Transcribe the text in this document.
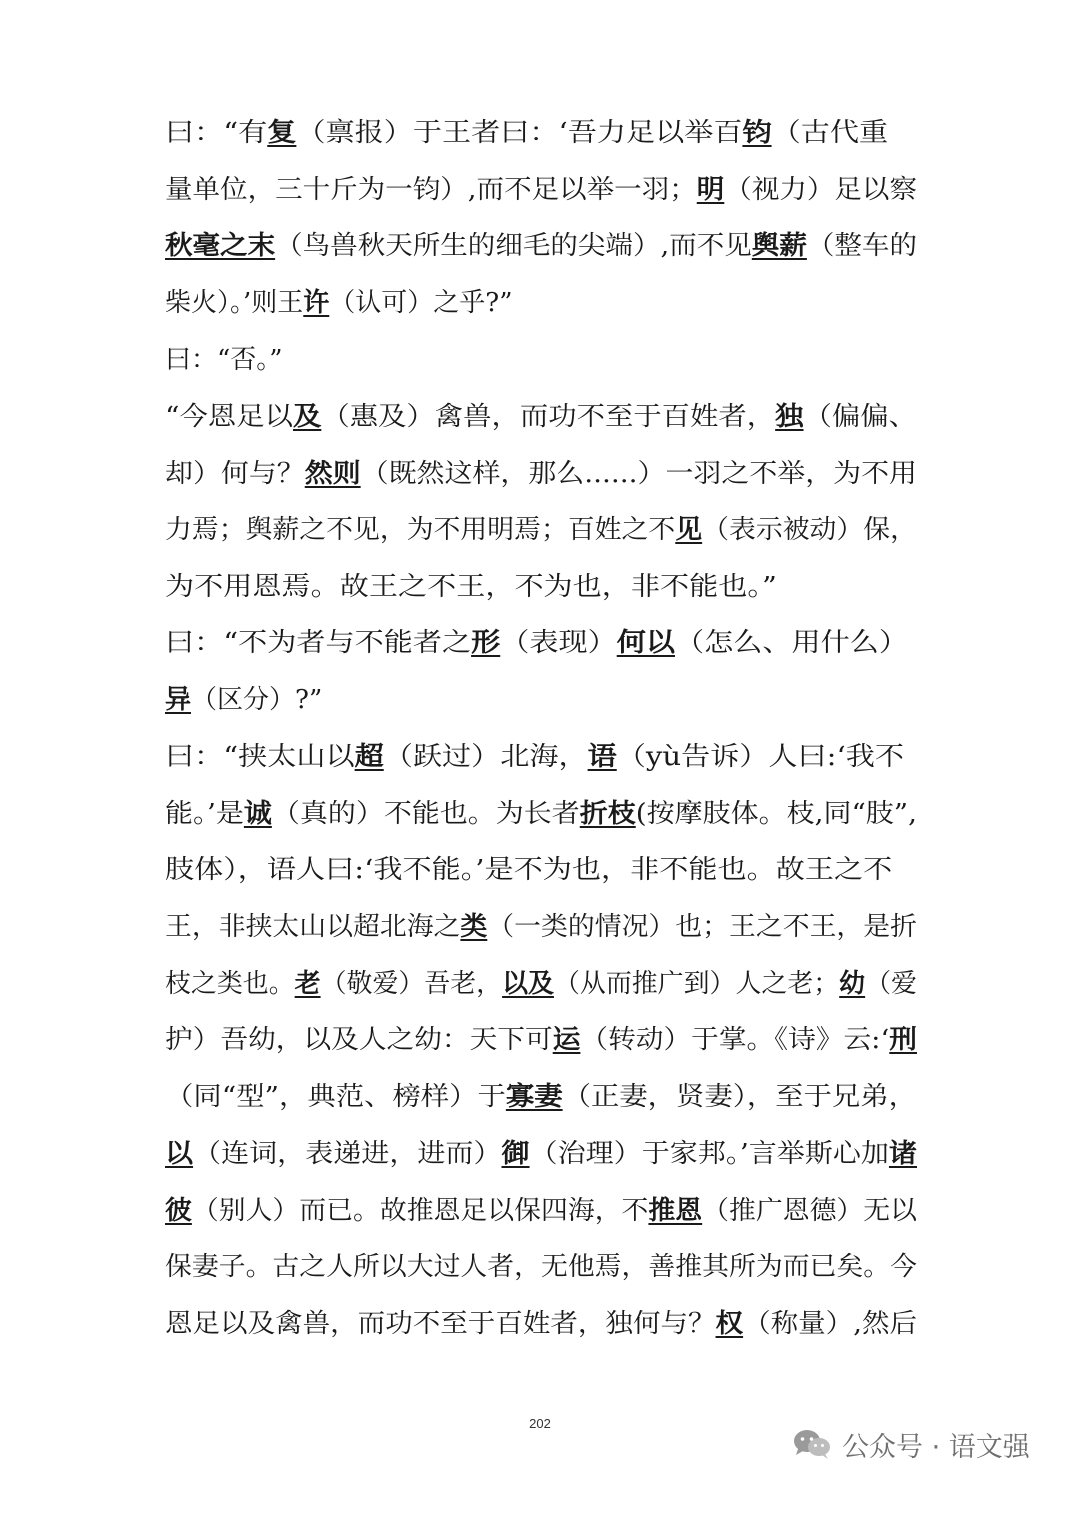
曰：“有复（禀报）于王者曰：‘吾力足以举百钧（古代重
量单位，三十斤为一钧）,而不足以举一羽；明（视力）足以察
秋毫之末（鸟兽秋天所生的细毛的尖端）,而不见舆薪（整车的
柴火）。’则王许（认可）之乎?”
曰：“否。”
“今恩足以及（惠及）禽兽，而功不至于百姓者，独（偏偏、
却）何与？然则（既然这样，那么......）一羽之不举，为不用
力焉；舆薪之不见，为不用明焉；百姓之不见（表示被动）保，
为不用恩焉。故王之不王，不为也，非不能也。”
曰：“不为者与不能者之形（表现）何以（怎么、用什么）
异（区分）?”
曰：“挟太山以超（跃过）北海，语（yù告诉）人曰:‘我不
能。’是诚（真的）不能也。为长者折枝(按摩肢体。枝,同“肢”,
肢体），语人曰:‘我不能。’是不为也，非不能也。故王之不
王，非挟太山以超北海之类（一类的情况）也；王之不王，是折
枝之类也。老（敬爱）吾老，以及（从而推广到）人之老；幼（爱
护）吾幼，以及人之幼：天下可运（转动）于掌。《诗》云:‘刑
（同“型”，典范、榜样）于寡妻（正妻，贤妻），至于兄弟，
以（连词，表递进，进而）御（治理）于家邦。’言举斯心加诸
彼（别人）而已。故推恩足以保四海，不推恩（推广恩德）无以
保妻子。古之人所以大过人者，无他焉，善推其所为而已矣。今
恩足以及禽兽，而功不至于百姓者，独何与？权（称量）,然后
202
公众号 · 语文强
